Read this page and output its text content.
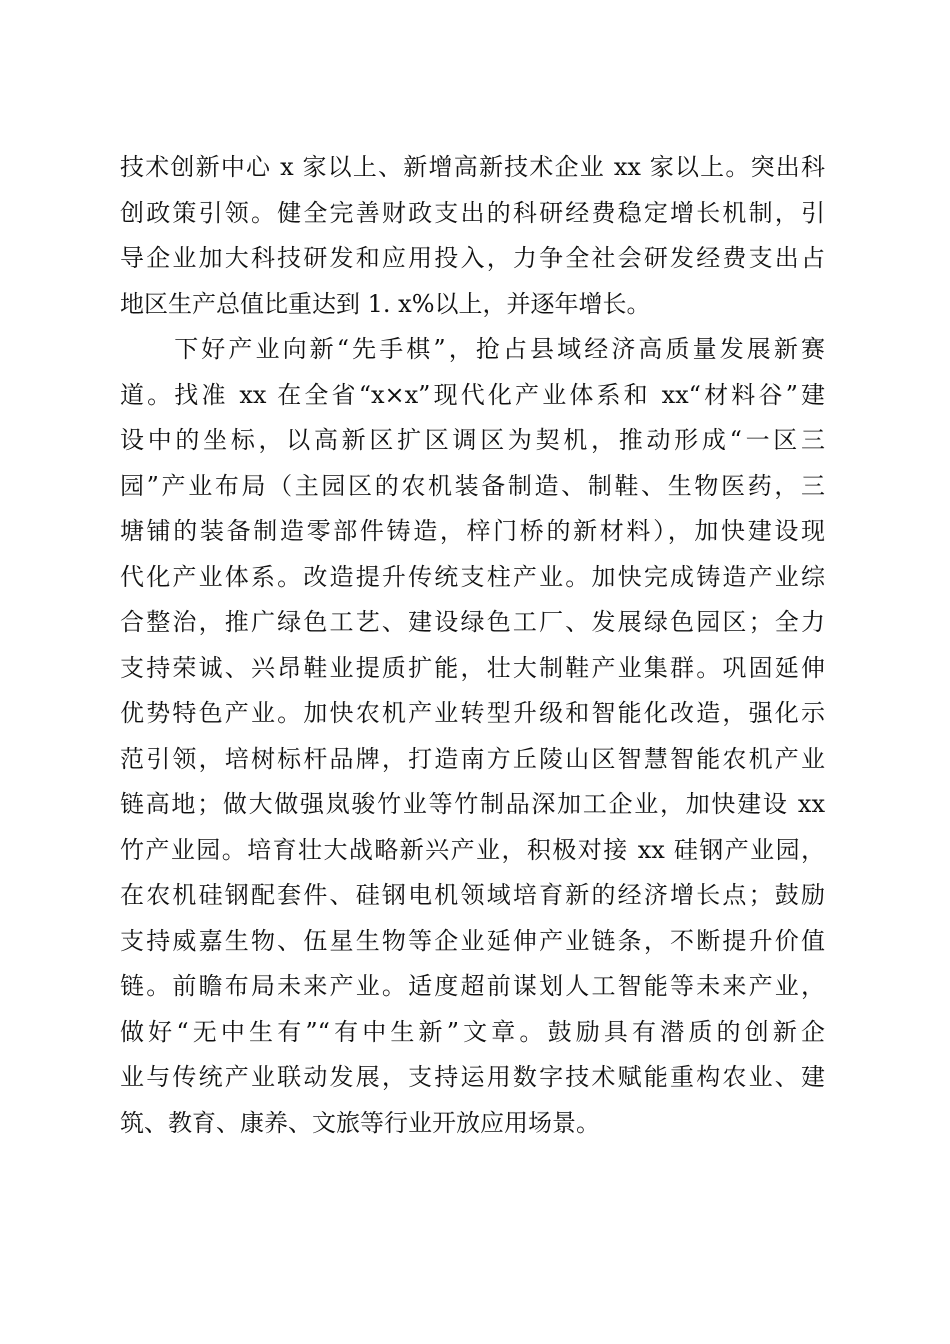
技术创新中心 x 家以上、新增高新技术企业 xx 家以上。突出科
创政策引领。健全完善财政支出的科研经费稳定增长机制，引
导企业加大科技研发和应用投入，力争全社会研发经费支出占
地区生产总值比重达到 1. x%以上，并逐年增长。
　　下好产业向新“先手棋”，抢占县域经济高质量发展新赛
道。找准 xx 在全省“x×x”现代化产业体系和 xx“材料谷”建
设中的坐标，以高新区扩区调区为契机，推动形成“一区三
园”产业布局（主园区的农机装备制造、制鞋、生物医药，三
塘铺的装备制造零部件铸造，梓门桥的新材料），加快建设现
代化产业体系。改造提升传统支柱产业。加快完成铸造产业综
合整治，推广绿色工艺、建设绿色工厂、发展绿色园区；全力
支持荣诚、兴昂鞋业提质扩能，壮大制鞋产业集群。巩固延伸
优势特色产业。加快农机产业转型升级和智能化改造，强化示
范引领，培树标杆品牌，打造南方丘陵山区智慧智能农机产业
链高地；做大做强岚骏竹业等竹制品深加工企业，加快建设 xx
竹产业园。培育壮大战略新兴产业，积极对接 xx 硅钢产业园，
在农机硅钢配套件、硅钢电机领域培育新的经济增长点；鼓励
支持威嘉生物、伍星生物等企业延伸产业链条，不断提升价值
链。前瞻布局未来产业。适度超前谋划人工智能等未来产业，
做好“无中生有”“有中生新”文章。鼓励具有潜质的创新企
业与传统产业联动发展，支持运用数字技术赋能重构农业、建
筑、教育、康养、文旅等行业开放应用场景。
